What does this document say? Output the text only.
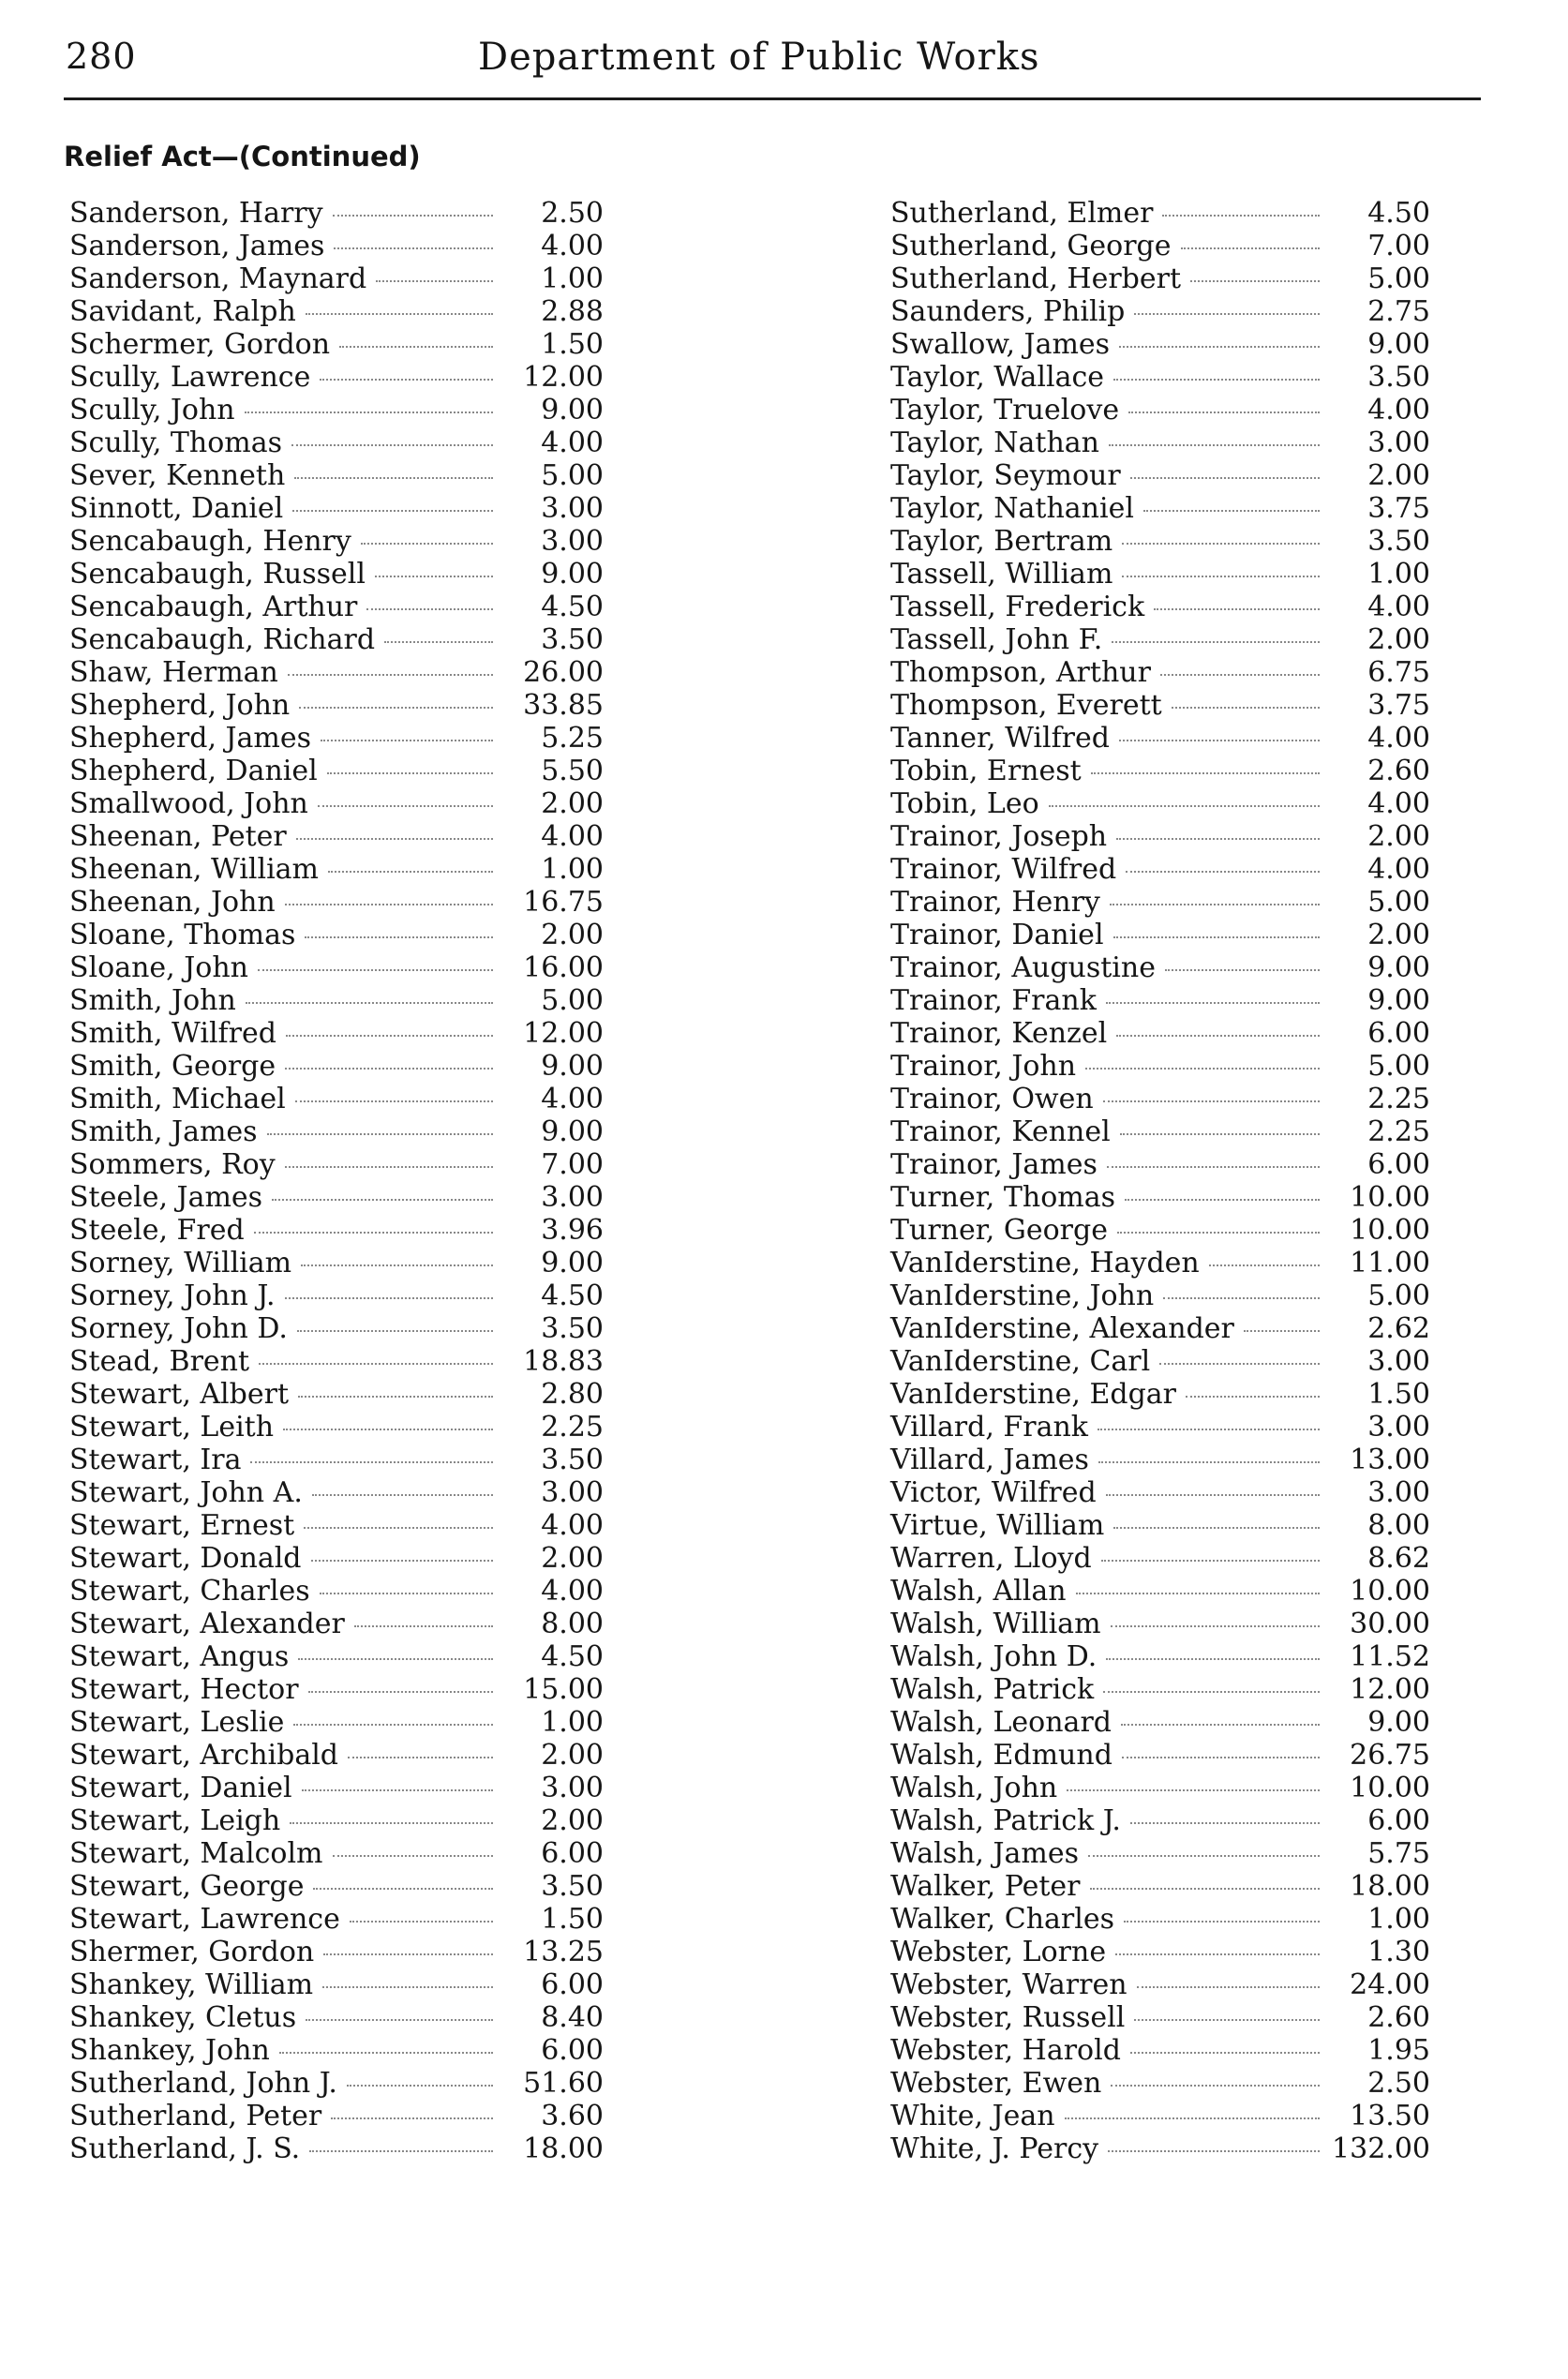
280	Department of Public Works
Relief Act—(Continued)
Sanderson, Harry	2.50
Sanderson, James	4.00
Sanderson, Maynard	1.00
Savidant, Ralph	2.88
Schermer, Gordon	1.50
Scully, Lawrence	12.00
Scully, John	9.00
Scully, Thomas	4.00
Sever, Kenneth	5.00
Sinnott, Daniel	3.00
Sencabaugh, Henry	3.00
Sencabaugh, Russell	9.00
Sencabaugh, Arthur	4.50
Sencabaugh, Richard	3.50
Shaw, Herman	26.00
Shepherd, John	33.85
Shepherd, James	5.25
Shepherd, Daniel	5.50
Smallwood, John	2.00
Sheenan, Peter	4.00
Sheenan, William	1.00
Sheenan, John	16.75
Sloane, Thomas	2.00
Sloane, John	16.00
Smith, John	5.00
Smith, Wilfred	12.00
Smith, George	9.00
Smith, Michael	4.00
Smith, James	9.00
Sommers, Roy	7.00
Steele, James	3.00
Steele, Fred	3.96
Sorney, William	9.00
Sorney, John J.	4.50
Sorney, John D.	3.50
Stead, Brent	18.83
Stewart, Albert	2.80
Stewart, Leith	2.25
Stewart, Ira	3.50
Stewart, John A.	3.00
Stewart, Ernest	4.00
Stewart, Donald	2.00
Stewart, Charles	4.00
Stewart, Alexander	8.00
Stewart, Angus	4.50
Stewart, Hector	15.00
Stewart, Leslie	1.00
Stewart, Archibald	2.00
Stewart, Daniel	3.00
Stewart, Leigh	2.00
Stewart, Malcolm	6.00
Stewart, George	3.50
Stewart, Lawrence	1.50
Shermer, Gordon	13.25
Shankey, William	6.00
Shankey, Cletus	8.40
Shankey, John	6.00
Sutherland, John J.	51.60
Sutherland, Peter	3.60
Sutherland, J. S.	18.00
Sutherland, Elmer	4.50
Sutherland, George	7.00
Sutherland, Herbert	5.00
Saunders, Philip	2.75
Swallow, James	9.00
Taylor, Wallace	3.50
Taylor, Truelove	4.00
Taylor, Nathan	3.00
Taylor, Seymour	2.00
Taylor, Nathaniel	3.75
Taylor, Bertram	3.50
Tassell, William	1.00
Tassell, Frederick	4.00
Tassell, John F.	2.00
Thompson, Arthur	6.75
Thompson, Everett	3.75
Tanner, Wilfred	4.00
Tobin, Ernest	2.60
Tobin, Leo	4.00
Trainor, Joseph	2.00
Trainor, Wilfred	4.00
Trainor, Henry	5.00
Trainor, Daniel	2.00
Trainor, Augustine	9.00
Trainor, Frank	9.00
Trainor, Kenzel	6.00
Trainor, John	5.00
Trainor, Owen	2.25
Trainor, Kennel	2.25
Trainor, James	6.00
Turner, Thomas	10.00
Turner, George	10.00
VanIderstine, Hayden	11.00
VanIderstine, John	5.00
VanIderstine, Alexander	2.62
VanIderstine, Carl	3.00
VanIderstine, Edgar	1.50
Villard, Frank	3.00
Villard, James	13.00
Victor, Wilfred	3.00
Virtue, William	8.00
Warren, Lloyd	8.62
Walsh, Allan	10.00
Walsh, William	30.00
Walsh, John D.	11.52
Walsh, Patrick	12.00
Walsh, Leonard	9.00
Walsh, Edmund	26.75
Walsh, John	10.00
Walsh, Patrick J.	6.00
Walsh, James	5.75
Walker, Peter	18.00
Walker, Charles	1.00
Webster, Lorne	1.30
Webster, Warren	24.00
Webster, Russell	2.60
Webster, Harold	1.95
Webster, Ewen	2.50
White, Jean	13.50
White, J. Percy	132.00
